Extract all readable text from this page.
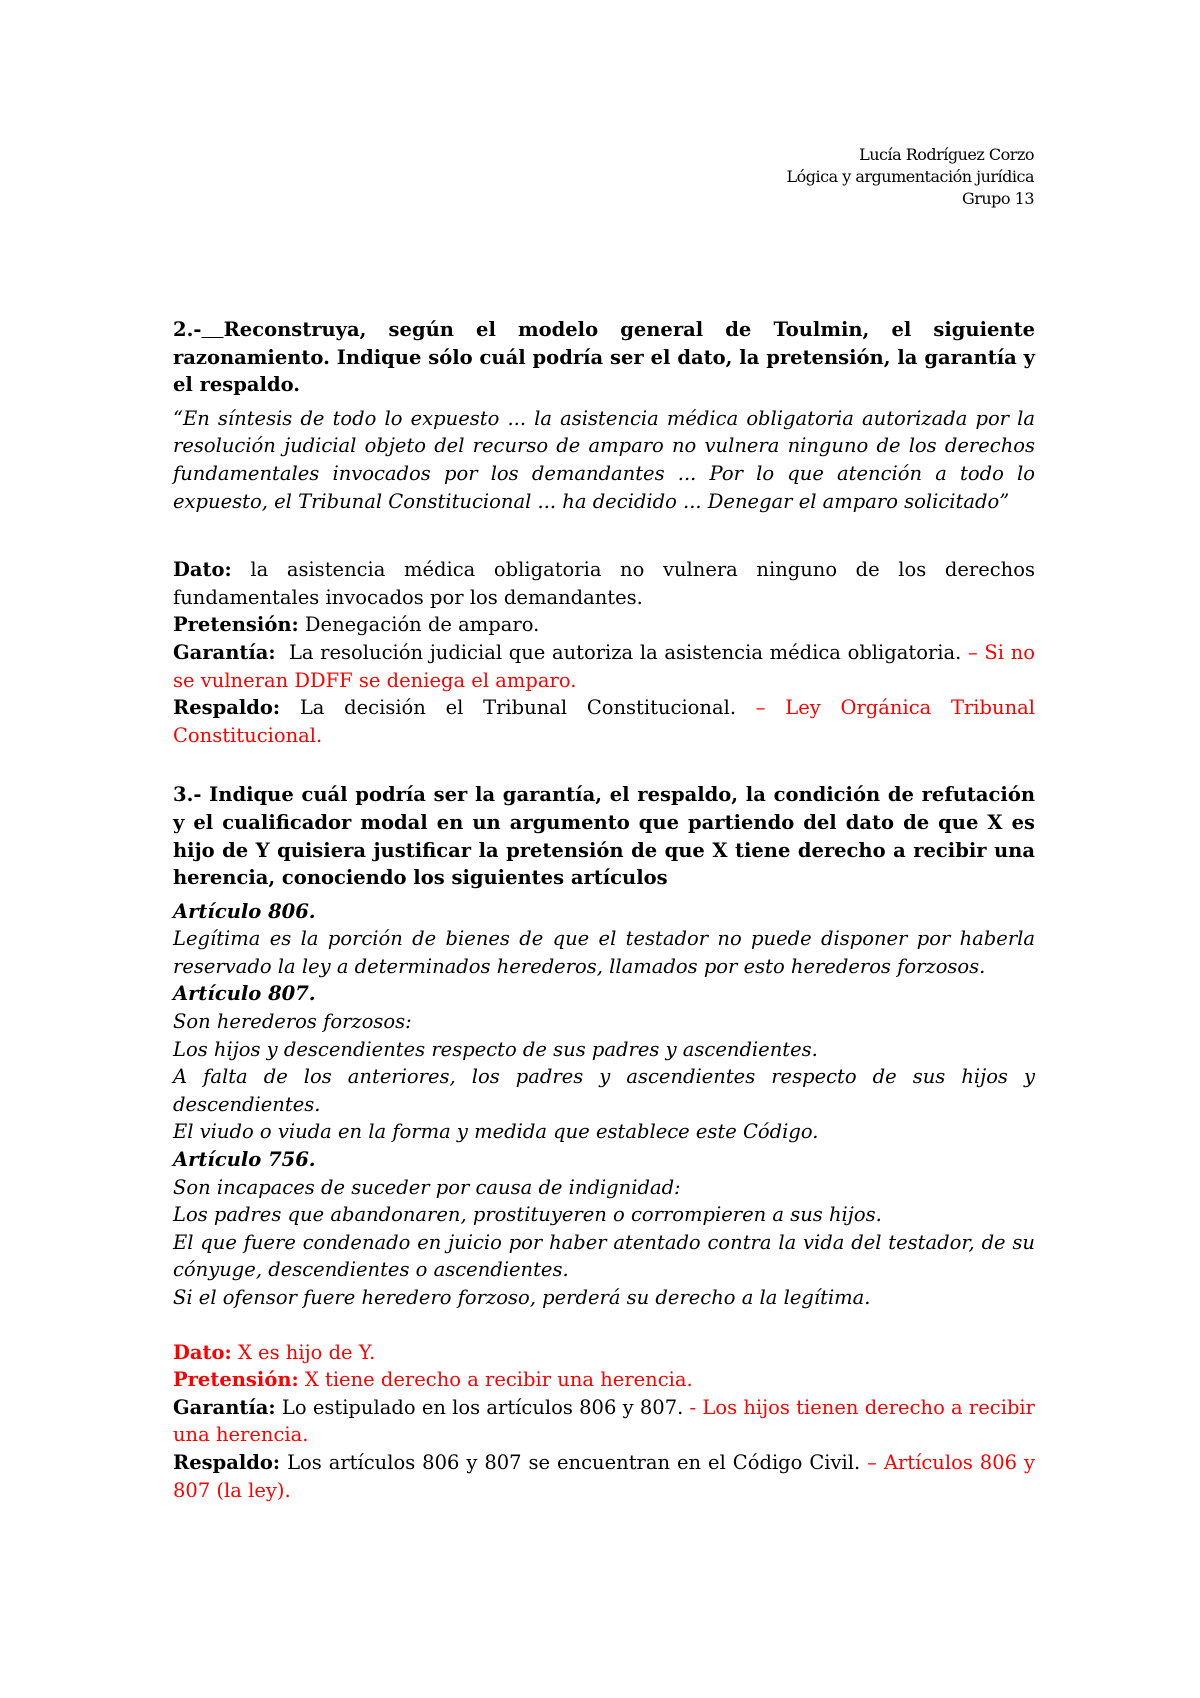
Lucía Rodríguez Corzo
Lógica y argumentación jurídica
Grupo 13

2.- Reconstruya, según el modelo general de Toulmin, el siguiente razonamiento. Indique sólo cuál podría ser el dato, la pretensión, la garantía y el respaldo.

“En síntesis de todo lo expuesto ... la asistencia médica obligatoria autorizada por la resolución judicial objeto del recurso de amparo no vulnera ninguno de los derechos fundamentales invocados por los demandantes ... Por lo que atención a todo lo expuesto, el Tribunal Constitucional ... ha decidido ... Denegar el amparo solicitado”

Dato: la asistencia médica obligatoria no vulnera ninguno de los derechos fundamentales invocados por los demandantes.

Pretensión: Denegación de amparo.

Garantía:  La resolución judicial que autoriza la asistencia médica obligatoria. – Si no se vulneran DDFF se deniega el amparo.

Respaldo: La decisión el Tribunal Constitucional. – Ley Orgánica Tribunal Constitucional.

3.- Indique cuál podría ser la garantía, el respaldo, la condición de refutación y el cualificador modal en un argumento que partiendo del dato de que X es hijo de Y quisiera justificar la pretensión de que X tiene derecho a recibir una herencia, conociendo los siguientes artículos

Artículo 806.

Legítima es la porción de bienes de que el testador no puede disponer por haberla reservado la ley a determinados herederos, llamados por esto herederos forzosos.

Artículo 807.

Son herederos forzosos:

Los hijos y descendientes respecto de sus padres y ascendientes.

A falta de los anteriores, los padres y ascendientes respecto de sus hijos y descendientes.

El viudo o viuda en la forma y medida que establece este Código.

Artículo 756.

Son incapaces de suceder por causa de indignidad:

Los padres que abandonaren, prostituyeren o corrompieren a sus hijos.

El que fuere condenado en juicio por haber atentado contra la vida del testador, de su cónyuge, descendientes o ascendientes.

Si el ofensor fuere heredero forzoso, perderá su derecho a la legítima.

Dato: X es hijo de Y.

Pretensión: X tiene derecho a recibir una herencia.

Garantía: Lo estipulado en los artículos 806 y 807. - Los hijos tienen derecho a recibir una herencia.

Respaldo: Los artículos 806 y 807 se encuentran en el Código Civil. – Artículos 806 y 807 (la ley).
